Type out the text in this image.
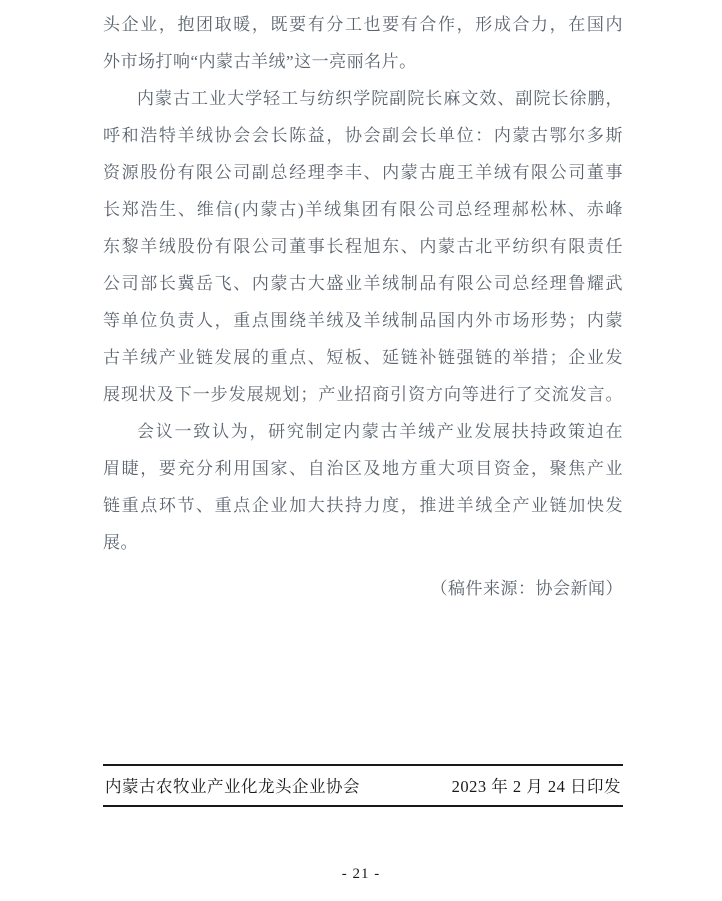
头企业，抱团取暖，既要有分工也要有合作，形成合力，在国内
外市场打响“内蒙古羊绒”这一亮丽名片。
内蒙古工业大学轻工与纺织学院副院长麻文效、副院长徐鹏，
呼和浩特羊绒协会会长陈益，协会副会长单位：内蒙古鄂尔多斯
资源股份有限公司副总经理李丰、内蒙古鹿王羊绒有限公司董事
长郑浩生、维信(内蒙古)羊绒集团有限公司总经理郝松林、赤峰
东黎羊绒股份有限公司董事长程旭东、内蒙古北平纺织有限责任
公司部长冀岳飞、内蒙古大盛业羊绒制品有限公司总经理鲁耀武
等单位负责人，重点围绕羊绒及羊绒制品国内外市场形势；内蒙
古羊绒产业链发展的重点、短板、延链补链强链的举措；企业发
展现状及下一步发展规划；产业招商引资方向等进行了交流发言。
会议一致认为，研究制定内蒙古羊绒产业发展扶持政策迫在
眉睫，要充分利用国家、自治区及地方重大项目资金，聚焦产业
链重点环节、重点企业加大扶持力度，推进羊绒全产业链加快发
展。
（稿件来源：协会新闻）
内蒙古农牧业产业化龙头企业协会	2023 年 2 月 24 日印发
- 21 -
